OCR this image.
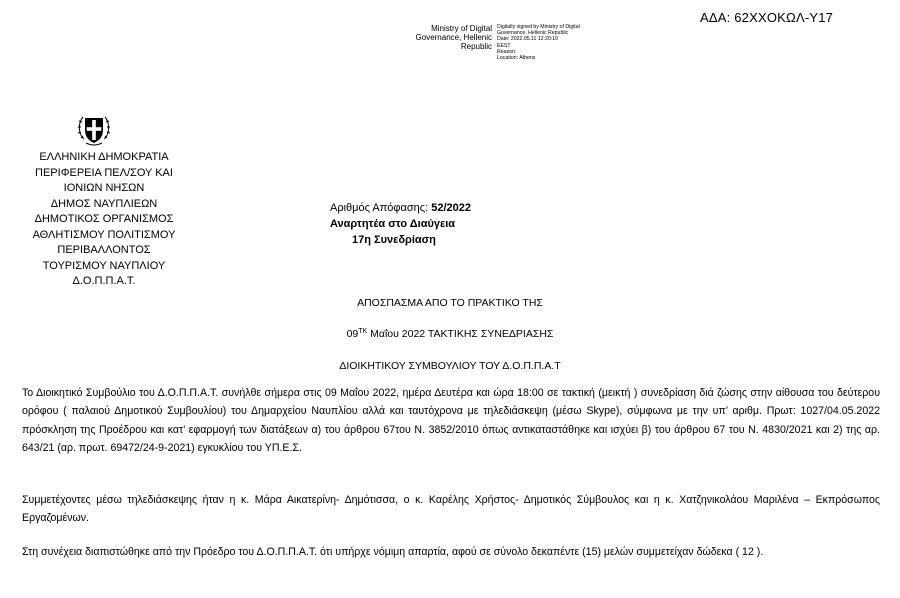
ΑΔΑ: 62ΧΧΟΚΩΛ-Υ17
Ministry of Digital Governance, Hellenic Republic
Digitally signed by Ministry of Digital Governance, Hellenic Republic
Date: 2022.05.11 12:20:10
EEST
Reason:
Location: Athens
ΕΛΛΗΝΙΚΗ ΔΗΜΟΚΡΑΤΙΑ
ΠΕΡΙΦΕΡΕΙΑ ΠΕΛ/ΣΟΥ ΚΑΙ
ΙΟΝΙΩΝ ΝΗΣΩΝ
ΔΗΜΟΣ ΝΑΥΠΛΙΕΩΝ
ΔΗΜΟΤΙΚΟΣ ΟΡΓΑΝΙΣΜΟΣ
ΑΘΛΗΤΙΣΜΟΥ ΠΟΛΙΤΙΣΜΟΥ
ΠΕΡΙΒΑΛΛΟΝΤΟΣ
ΤΟΥΡΙΣΜΟΥ ΝΑΥΠΛΙΟΥ
Δ.Ο.Π.Π.Α.Τ.
Αριθμός Απόφασης: 52/2022
Αναρτητέα στο Διαύγεια
17η Συνεδρίαση
ΑΠΟΣΠΑΣΜΑ ΑΠΟ ΤΟ ΠΡΑΚΤΙΚΟ ΤΗΣ
$09^{TK}$ Μαΐου 2022 ΤΑΚΤΙΚΗΣ ΣΥΝΕΔΡΙΑΣΗΣ
ΔΙΟΙΚΗΤΙΚΟΥ ΣΥΜΒΟΥΛΙΟΥ ΤΟΥ Δ.Ο.Π.Π.Α.Τ
Το Διοικητικό Συμβούλιο του Δ.Ο.Π.Π.Α.Τ. συνήλθε σήμερα στις 09 Μαΐου 2022, ημέρα Δευτέρα και ώρα 18:00 σε τακτική (μεικτή ) συνεδρίαση διά ζώσης στην αίθουσα του δεύτερου ορόφου ( παλαιού Δημοτικού Συμβουλίου) του Δημαρχείου Ναυπλίου αλλά και ταυτόχρονα με τηλεδιάσκεψη (μέσω Skype), σύμφωνα με την υπ’ αριθμ. Πρωτ: 1027/04.05.2022 πρόσκληση της Προέδρου και κατ’ εφαρμογή των διατάξεων α) του άρθρου 67του Ν. 3852/2010 όπως αντικαταστάθηκε και ισχύει β) του άρθρου 67 του Ν. 4830/2021 και 2) της αρ. 643/21 (αρ. πρωτ. 69472/24-9-2021) εγκυκλίου του ΥΠ.Ε.Σ.
Συμμετέχοντες μέσω τηλεδιάσκεψης ήταν η κ. Μάρα Αικατερίνη- Δημότισσα, ο κ. Καρέλης Χρήστος- Δημοτικός Σύμβουλος και η κ. Χατζηνικολάου Μαριλένα – Εκπρόσωπος Εργαζομένων.
Στη συνέχεια διαπιστώθηκε από την Πρόεδρο του Δ.Ο.Π.Π.Α.Τ. ότι υπήρχε νόμιμη απαρτία, αφού σε σύνολο δεκαπέντε (15) μελών συμμετείχαν δώδεκα ( 12 ).
